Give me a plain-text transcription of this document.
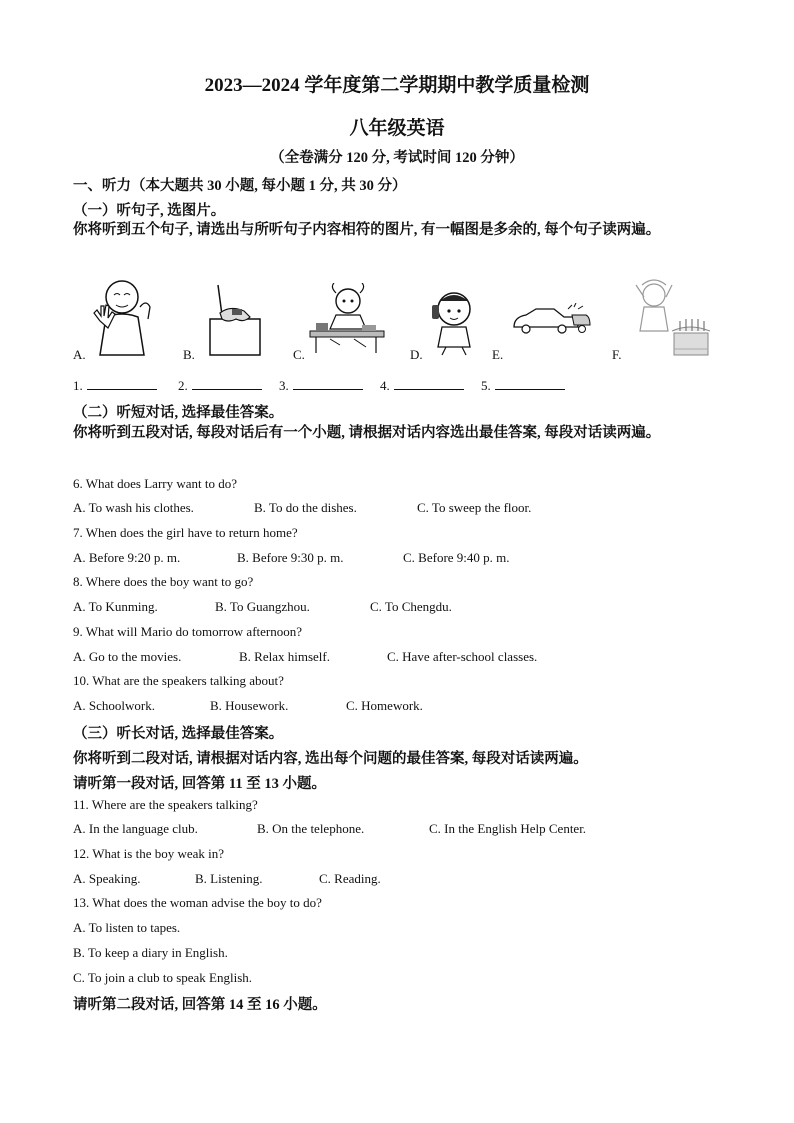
2023—2024 学年度第二学期期中教学质量检测
八年级英语
（全卷满分 120 分, 考试时间 120 分钟）
一、听力（本大题共 30 小题, 每小题 1 分, 共 30 分）
（一）听句子, 选图片。
你将听到五个句子, 请选出与所听句子内容相符的图片, 有一幅图是多余的, 每个句子读两遍。
A.	B.	C.	D.	E.	F.
1.	2.	3.	4.	5.
（二）听短对话, 选择最佳答案。
你将听到五段对话, 每段对话后有一个小题, 请根据对话内容选出最佳答案, 每段对话读两遍。
6. What does Larry want to do?
A. To wash his clothes.	B. To do the dishes.	C. To sweep the floor.
7. When does the girl have to return home?
A. Before 9:20 p. m.	B. Before 9:30 p. m.	C. Before 9:40 p. m.
8. Where does the boy want to go?
A. To Kunming.	B. To Guangzhou.	C. To Chengdu.
9. What will Mario do tomorrow afternoon?
A. Go to the movies.	B. Relax himself.	C. Have after-school classes.
10. What are the speakers talking about?
A. Schoolwork.	B. Housework.	C. Homework.
（三）听长对话, 选择最佳答案。
你将听到二段对话, 请根据对话内容, 选出每个问题的最佳答案, 每段对话读两遍。
请听第一段对话, 回答第 11 至 13 小题。
11. Where are the speakers talking?
A. In the language club.	B. On the telephone.	C. In the English Help Center.
12. What is the boy weak in?
A. Speaking.	B. Listening.	C. Reading.
13. What does the woman advise the boy to do?
A. To listen to tapes.
B. To keep a diary in English.
C. To join a club to speak English.
请听第二段对话, 回答第 14 至 16 小题。
